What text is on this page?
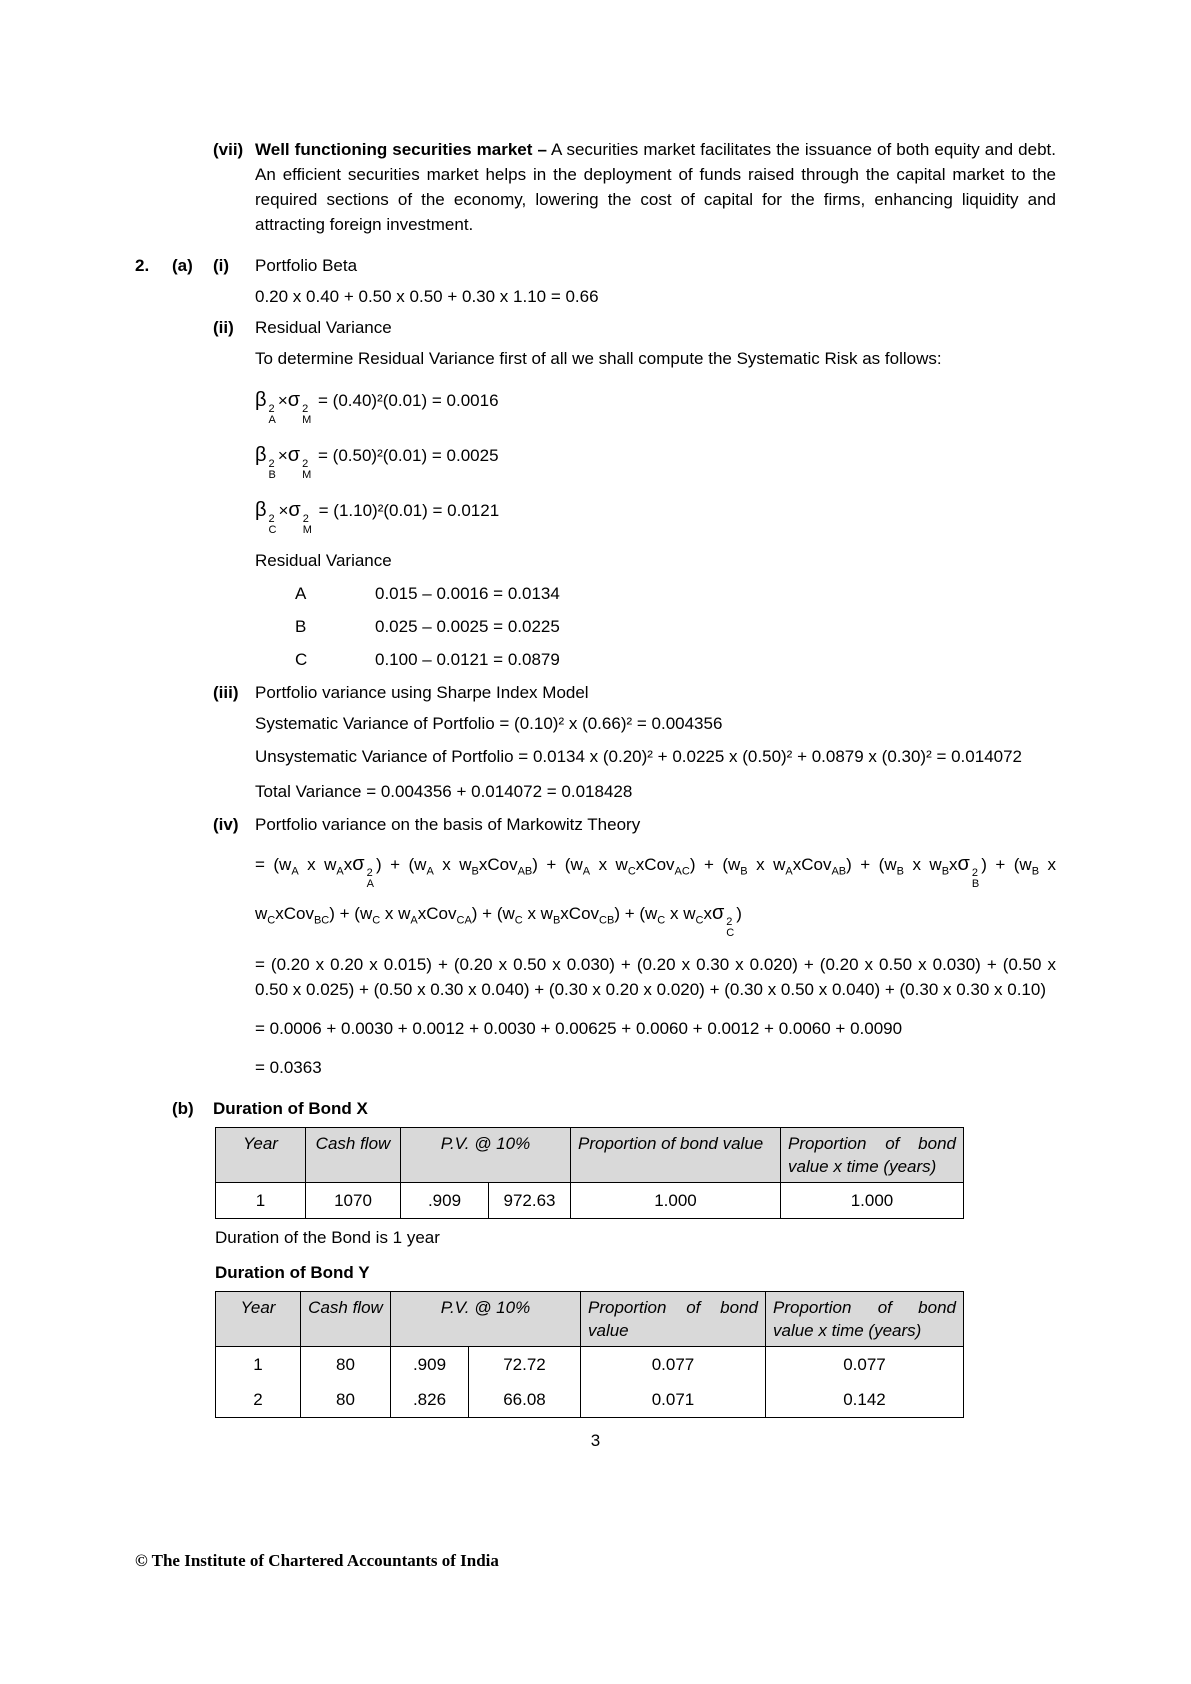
(vii) Well functioning securities market – A securities market facilitates the issuance of both equity and debt. An efficient securities market helps in the deployment of funds raised through the capital market to the required sections of the economy, lowering the cost of capital for the firms, enhancing liquidity and attracting foreign investment.
2.	(a)	(i)	Portfolio Beta
0.20 x 0.40 + 0.50 x 0.50 + 0.30 x 1.10 = 0.66
(ii)	Residual Variance
To determine Residual Variance first of all we shall compute the Systematic Risk as follows:
β 2
A
×σ 2
M
= (0.40)²(0.01) = 0.0016
β 2
B
×σ 2
M
= (0.50)²(0.01) = 0.0025
β 2
C
×σ 2
M
= (1.10)²(0.01) = 0.0121
Residual Variance
A	0.015 – 0.0016 = 0.0134
B	0.025 – 0.0025 = 0.0225
C	0.100 – 0.0121 = 0.0879
(iii) Portfolio variance using Sharpe Index Model
Systematic Variance of Portfolio = (0.10)² x (0.66)² = 0.004356
Unsystematic Variance of Portfolio = 0.0134 x (0.20)² + 0.0225 x (0.50)² + 0.0879 x (0.30)² = 0.014072
Total Variance = 0.004356 + 0.014072 = 0.018428
(iv) Portfolio variance on the basis of Markowitz Theory
= ($w_A$ x $w_Ax\sigma$ 2
A
) + ($w_A$ x $w_BxCov_{AB}) + (w_A$ x $w_CxCov_{AC}) + (w_B$ x $w_AxCov_{AB}) + (w_B$ x $w_Bx\sigma$ 2
B
) + ($w_B$ x $w_CxCov_{BC}) + (w_C$ x $w_AxCov_{CA}) + (w_C$ x $w_BxCov_{CB}) + (w_C$ x $w_Cx\sigma$ 2
C
)
= (0.20 x 0.20 x 0.015) + (0.20 x 0.50 x 0.030) + (0.20 x 0.30 x 0.020) + (0.20 x 0.50 x 0.030) + (0.50 x 0.50 x 0.025) + (0.50 x 0.30 x 0.040) + (0.30 x 0.20 x 0.020) + (0.30 x 0.50 x 0.040) + (0.30 x 0.30 x 0.10)
= 0.0006 + 0.0030 + 0.0012 + 0.0030 + 0.00625 + 0.0060 + 0.0012 + 0.0060 + 0.0090
= 0.0363
(b)	Duration of Bond X
Year	Cash flow	P.V. @ 10%		Proportion of bond value	Proportion of bond value x time (years)
1	1070	.909	972.63	1.000	1.000
Duration of the Bond is 1 year
Duration of Bond Y
Year	Cash flow	P.V. @ 10%		Proportion of bond value	Proportion of bond value x time (years)
1	80	.909	72.72	0.077	0.077
2	80	.826	66.08	0.071	0.142
3
© The Institute of Chartered Accountants of India
